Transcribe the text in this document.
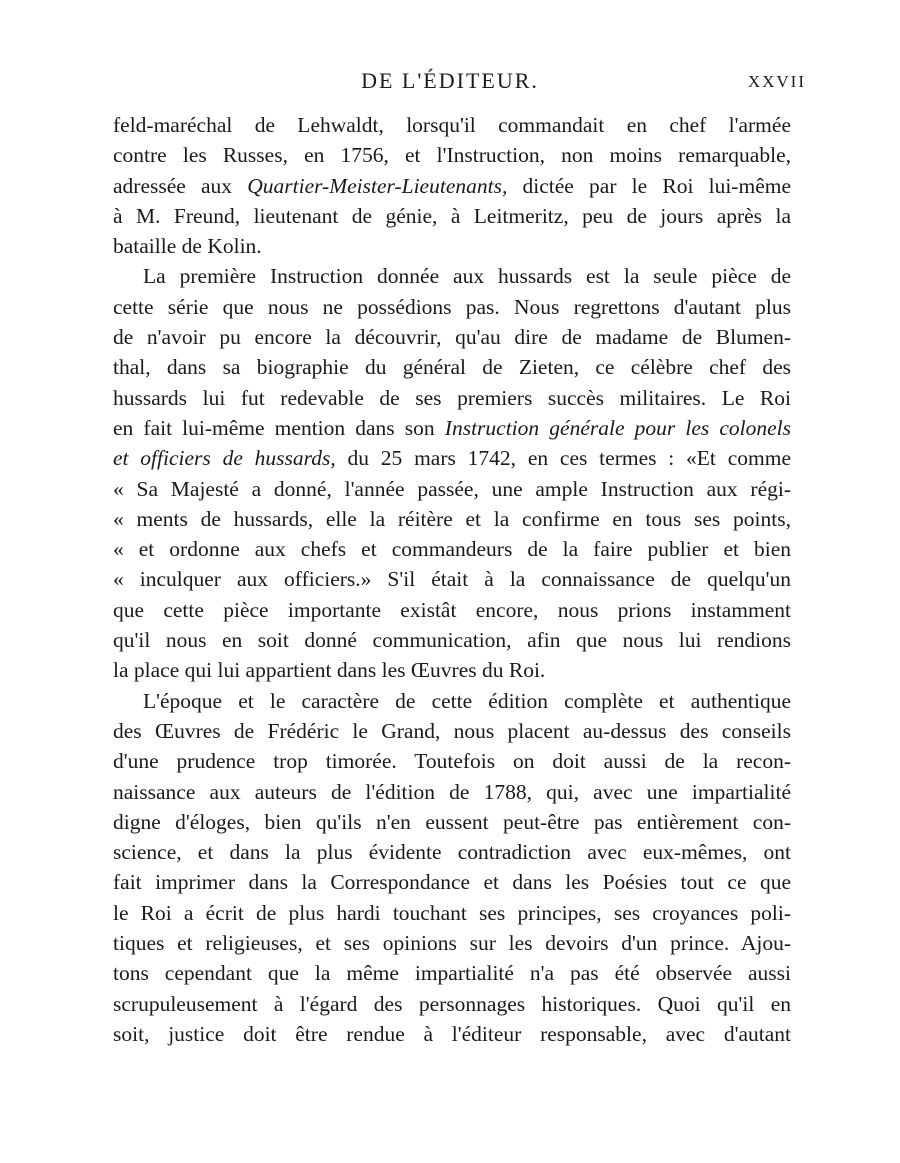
DE L'ÉDITEUR.	XXVII
feld-maréchal de Lehwaldt, lorsqu'il commandait en chef l'armée
contre les Russes, en 1756, et l'Instruction, non moins remarquable,
adressée aux Quartier-Meister-Lieutenants, dictée par le Roi lui-même
à M. Freund, lieutenant de génie, à Leitmeritz, peu de jours après la
bataille de Kolin.
La première Instruction donnée aux hussards est la seule pièce de
cette série que nous ne possédions pas. Nous regrettons d'autant plus
de n'avoir pu encore la découvrir, qu'au dire de madame de Blumen-
thal, dans sa biographie du général de Zieten, ce célèbre chef des
hussards lui fut redevable de ses premiers succès militaires. Le Roi
en fait lui-même mention dans son Instruction générale pour les colonels
et officiers de hussards, du 25 mars 1742, en ces termes : «Et comme
« Sa Majesté a donné, l'année passée, une ample Instruction aux régi-
« ments de hussards, elle la réitère et la confirme en tous ses points,
« et ordonne aux chefs et commandeurs de la faire publier et bien
« inculquer aux officiers.» S'il était à la connaissance de quelqu'un
que cette pièce importante existât encore, nous prions instamment
qu'il nous en soit donné communication, afin que nous lui rendions
la place qui lui appartient dans les Œuvres du Roi.
L'époque et le caractère de cette édition complète et authentique
des Œuvres de Frédéric le Grand, nous placent au-dessus des conseils
d'une prudence trop timorée. Toutefois on doit aussi de la recon-
naissance aux auteurs de l'édition de 1788, qui, avec une impartialité
digne d'éloges, bien qu'ils n'en eussent peut-être pas entièrement con-
science, et dans la plus évidente contradiction avec eux-mêmes, ont
fait imprimer dans la Correspondance et dans les Poésies tout ce que
le Roi a écrit de plus hardi touchant ses principes, ses croyances poli-
tiques et religieuses, et ses opinions sur les devoirs d'un prince. Ajou-
tons cependant que la même impartialité n'a pas été observée aussi
scrupuleusement à l'égard des personnages historiques. Quoi qu'il en
soit, justice doit être rendue à l'éditeur responsable, avec d'autant
